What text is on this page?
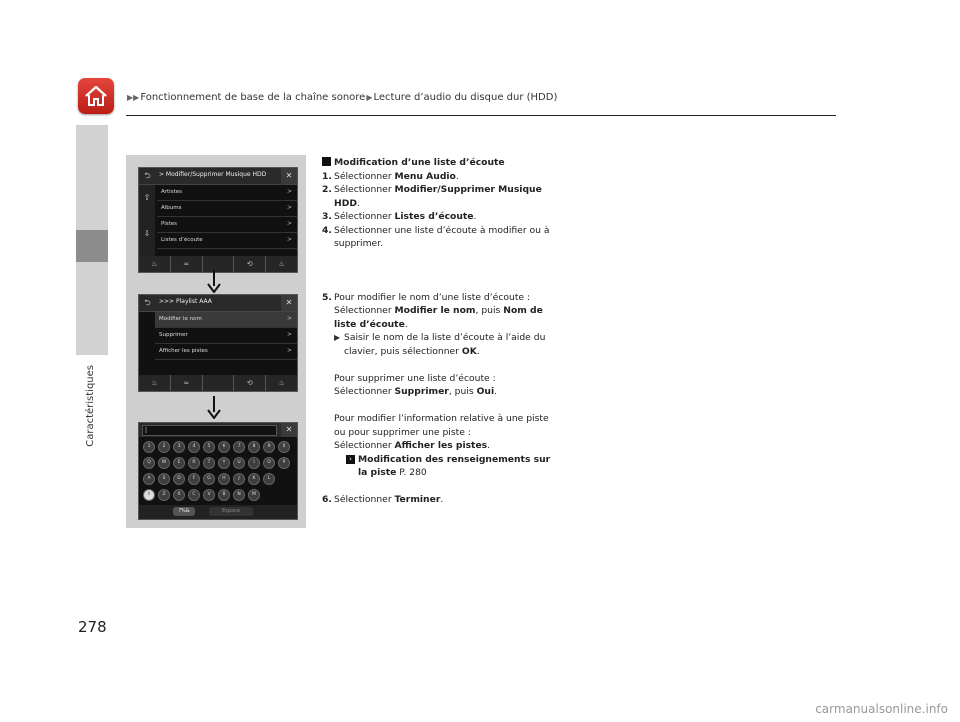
▶▶Fonctionnement de base de la chaîne sonore▶Lecture d’audio du disque dur (HDD)
Caractéristiques
⮌	> Modifier/Supprimer Musique HDD	✕
⇧
⇩
Artistes	>
Albums	>
Pistes	>
Listes d’écoute	>
♨	≈	⟲	♨
⮌	>>> Playlist AAA	✕
Modifier le nom	>
Supprimer	>
Afficher les pistes	>
♨	≈	⟲	♨
|	✕
1	2	3	4	5	6	7	8	9	0
Q	W	E	R	T	Y	U	I	O	P
A	S	D	F	G	H	J	K	L
⇧	Z	X	C	V	B	N	M
?%&	Espace

Modification d’une liste d’écoute

1. Sélectionner Menu Audio.

2. Sélectionner Modifier/Supprimer Musique HDD.

3. Sélectionner Listes d’écoute.

4. Sélectionner une liste d’écoute à modifier ou à supprimer.

5. Pour modifier le nom d’une liste d’écoute :
Sélectionner Modifier le nom, puis Nom de liste d’écoute.

▶ Saisir le nom de la liste d’écoute à l’aide du clavier, puis sélectionner OK.

Pour supprimer une liste d’écoute :
Sélectionner Supprimer, puis Oui.

Pour modifier l’information relative à une piste ou pour supprimer une piste :
Sélectionner Afficher les pistes.

› Modification des renseignements sur la piste P. 280

6. Sélectionner Terminer.

278
carmanualsonline.info
